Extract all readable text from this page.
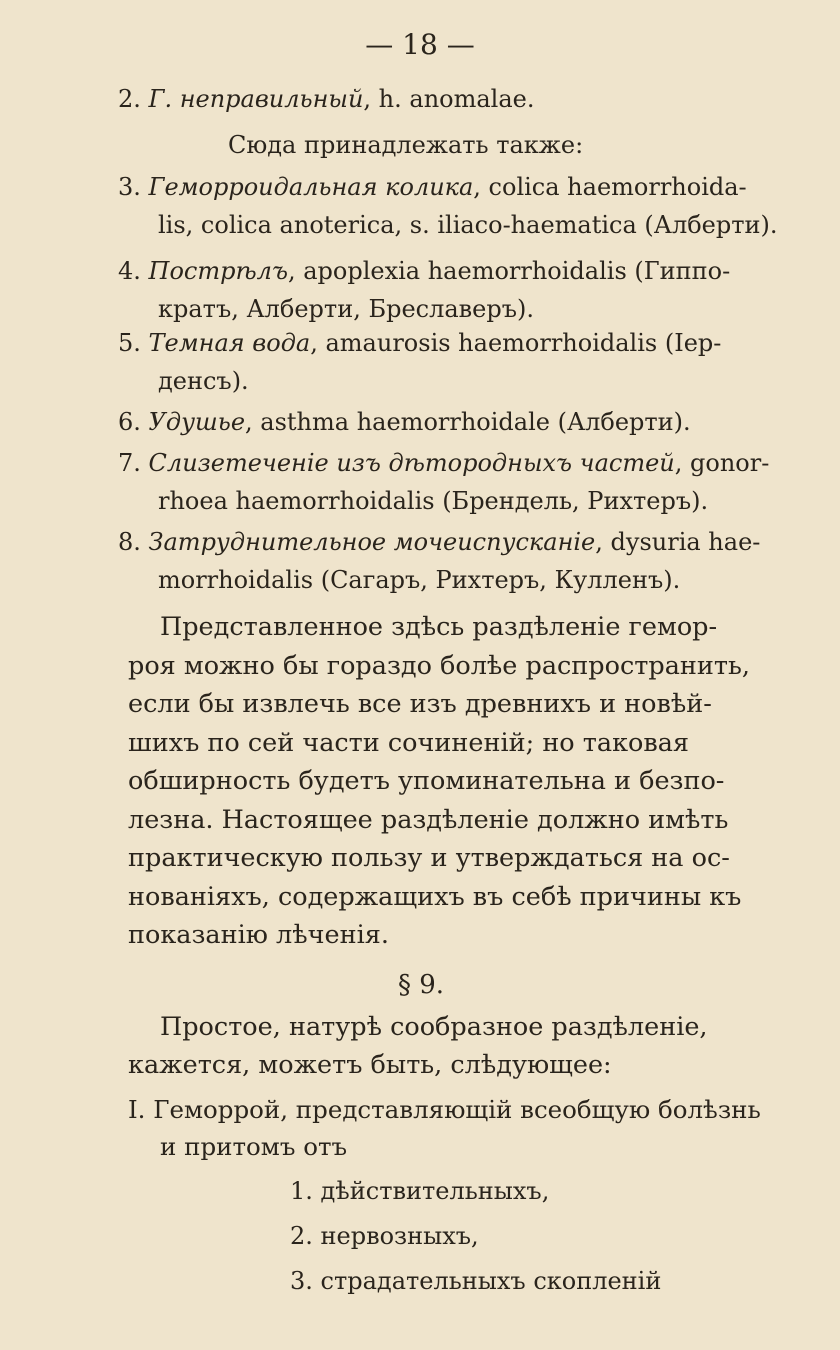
— 18 —
2. Г. неправильный, h. anomalae.
Сюда принадлежать также:
3. Геморроидальная колика, colica haemorrhoida-
lis, colica anoterica, s. iliaco-haematica (Алберти).
4. Пострѣлъ, apoplexia haemorrhoidalis (Гиппо-
кратъ, Алберти, Бреславеръ).
5. Темная вода, amaurosis haemorrhoidalis (Іер-
денсъ).
6. Удушье, asthma haemorrhoidale (Алберти).
7. Слизетеченіе изъ дѣтородныхъ частей, gonor-
rhoea haemorrhoidalis (Брендель, Рихтеръ).
8. Затруднительное мочеиспусканіе, dysuria hae-
morrhoidalis (Сагаръ, Рихтеръ, Кулленъ).
Представленное здѣсь раздѣленіе гемор-
роя можно бы гораздо болѣе распространить,
если бы извлечь все изъ древнихъ и новѣй-
шихъ по сей части сочиненій; но таковая
обширность будетъ упоминательна и безпо-
лезна. Настоящее раздѣленіе должно имѣть
практическую пользу и утверждаться на ос-
нованіяхъ, содержащихъ въ себѣ причины къ
показанію лѣченія.
§ 9.
Простое, натурѣ сообразное раздѣленіе,
кажется, можетъ быть, слѣдующее:
I. Геморрой, представляющій всеобщую болѣзнь
и притомъ отъ
1. дѣйствительныхъ,
2. нервозныхъ,
3. страдательныхъ скопленій
